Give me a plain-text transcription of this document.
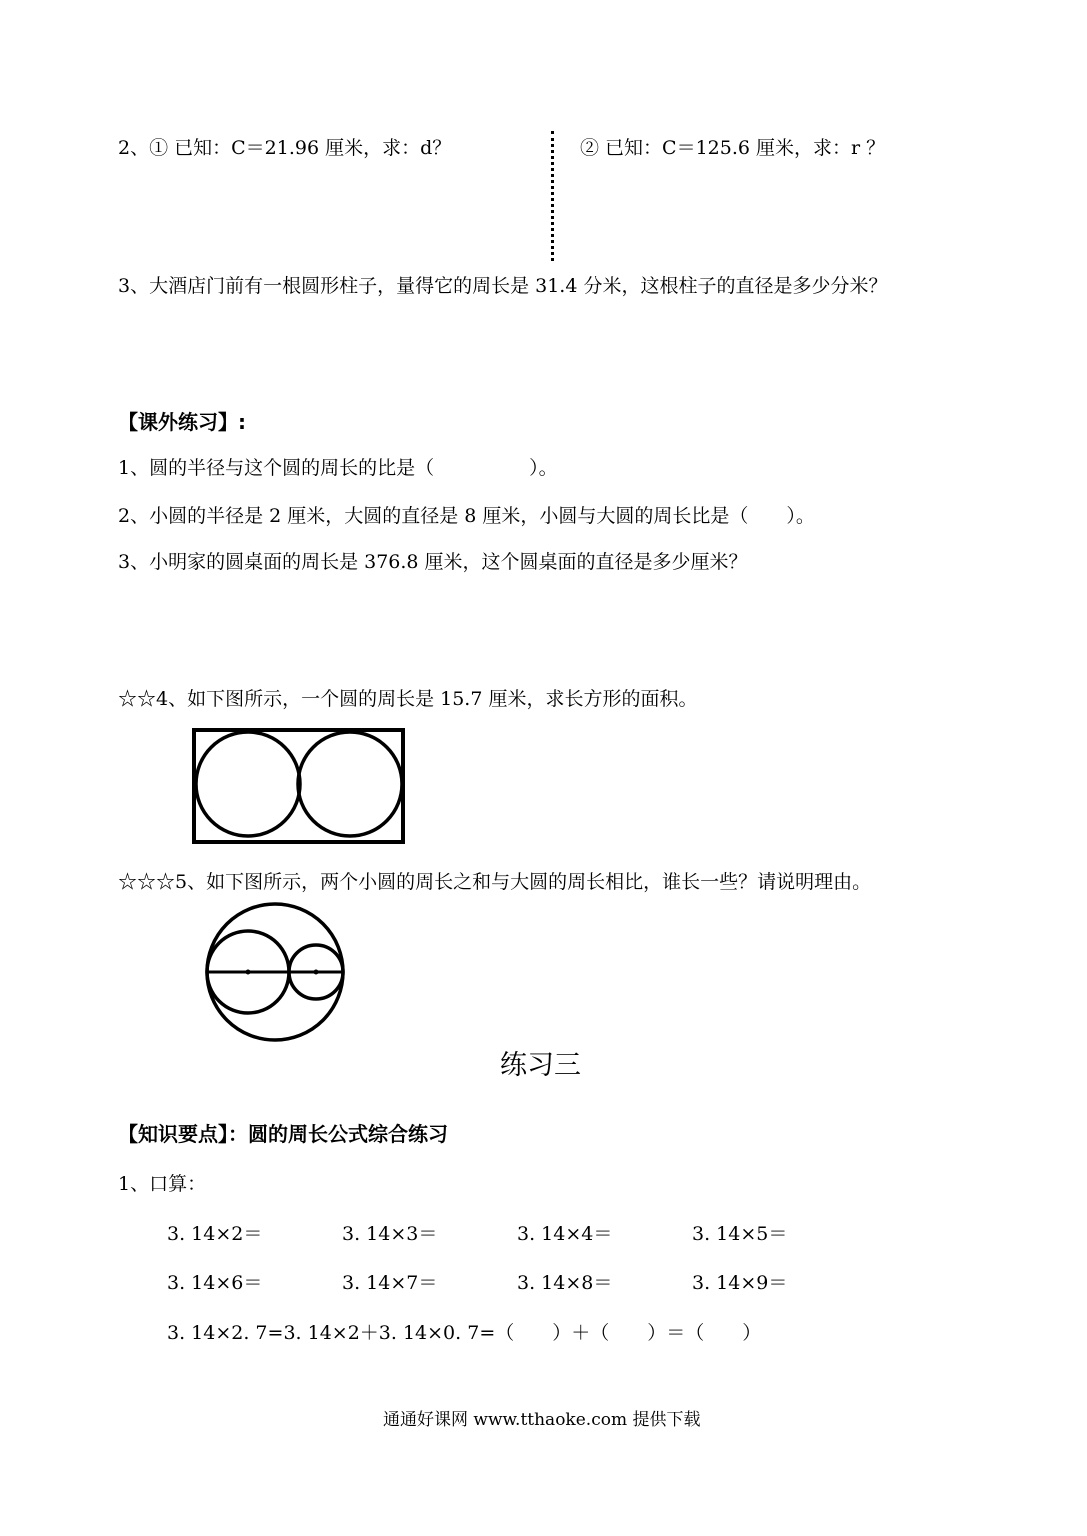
2、① 已知：C＝21.96 厘米，求：d？	② 已知：C＝125.6 厘米，求：r ？
3、大酒店门前有一根圆形柱子，量得它的周长是 31.4 分米，这根柱子的直径是多少分米？
【课外练习】:
1、圆的半径与这个圆的周长的比是（　　　　　）。
2、小圆的半径是 2 厘米，大圆的直径是 8 厘米，小圆与大圆的周长比是（　　）。
3、小明家的圆桌面的周长是 376.8 厘米，这个圆桌面的直径是多少厘米？
☆☆4、如下图所示，一个圆的周长是 15.7 厘米，求长方形的面积。
☆☆☆5、如下图所示，两个小圆的周长之和与大圆的周长相比，谁长一些？请说明理由。
练习三
【知识要点】：圆的周长公式综合练习
1、口算：
3. 14×2＝	3. 14×3＝	3. 14×4＝	3. 14×5＝
3. 14×6＝	3. 14×7＝	3. 14×8＝	3. 14×9＝
3. 14×2. 7=3. 14×2＋3. 14×0. 7=（　　）＋（　　）＝（　　）
通通好课网 www.tthaoke.com 提供下载
